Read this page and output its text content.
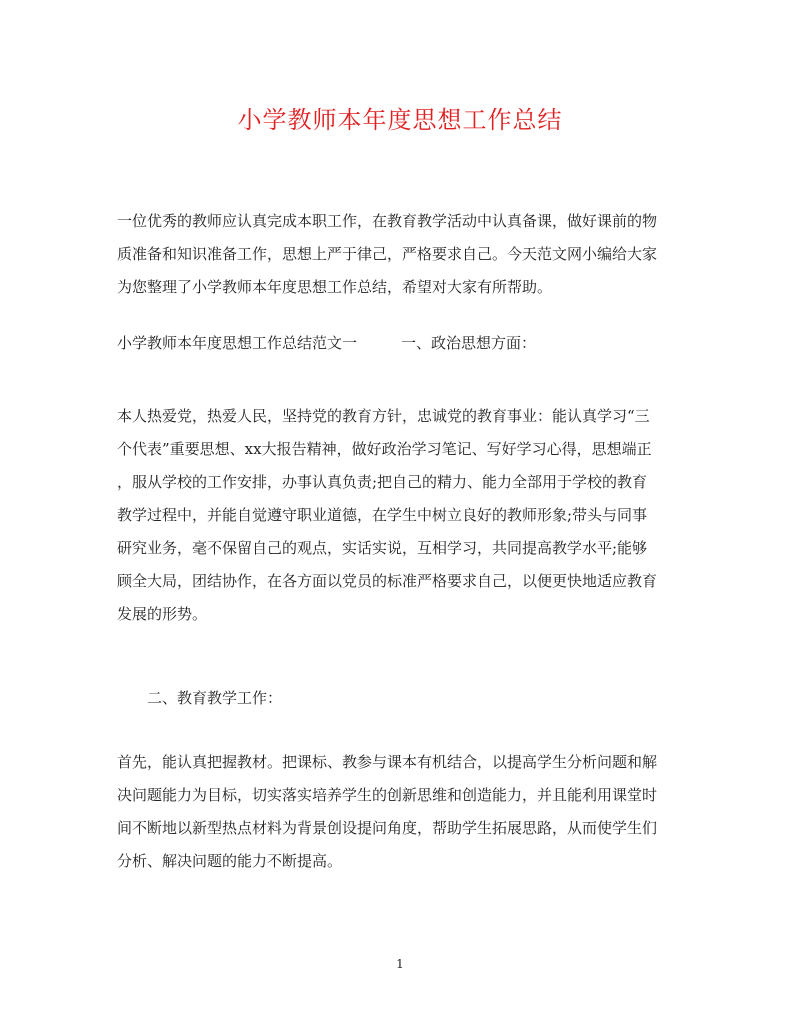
小学教师本年度思想工作总结
一位优秀的教师应认真完成本职工作，在教育教学活动中认真备课，做好课前的物
质准备和知识准备工作，思想上严于律己，严格要求自己。今天范文网小编给大家
为您整理了小学教师本年度思想工作总结，希望对大家有所帮助。
小学教师本年度思想工作总结范文一	一、政治思想方面：
本人热爱党，热爱人民，坚持党的教育方针，忠诚党的教育事业：能认真学习“三
个代表”重要思想、xx大报告精神，做好政治学习笔记、写好学习心得，思想端正
，服从学校的工作安排，办事认真负责;把自己的精力、能力全部用于学校的教育
教学过程中，并能自觉遵守职业道德，在学生中树立良好的教师形象;带头与同事
研究业务，毫不保留自己的观点，实话实说，互相学习，共同提高教学水平;能够
顾全大局，团结协作，在各方面以党员的标准严格要求自己，以便更快地适应教育
发展的形势。
二、教育教学工作：
首先，能认真把握教材。把课标、教参与课本有机结合，以提高学生分析问题和解
决问题能力为目标，切实落实培养学生的创新思维和创造能力，并且能利用课堂时
间不断地以新型热点材料为背景创设提问角度，帮助学生拓展思路，从而使学生们
分析、解决问题的能力不断提高。
1
